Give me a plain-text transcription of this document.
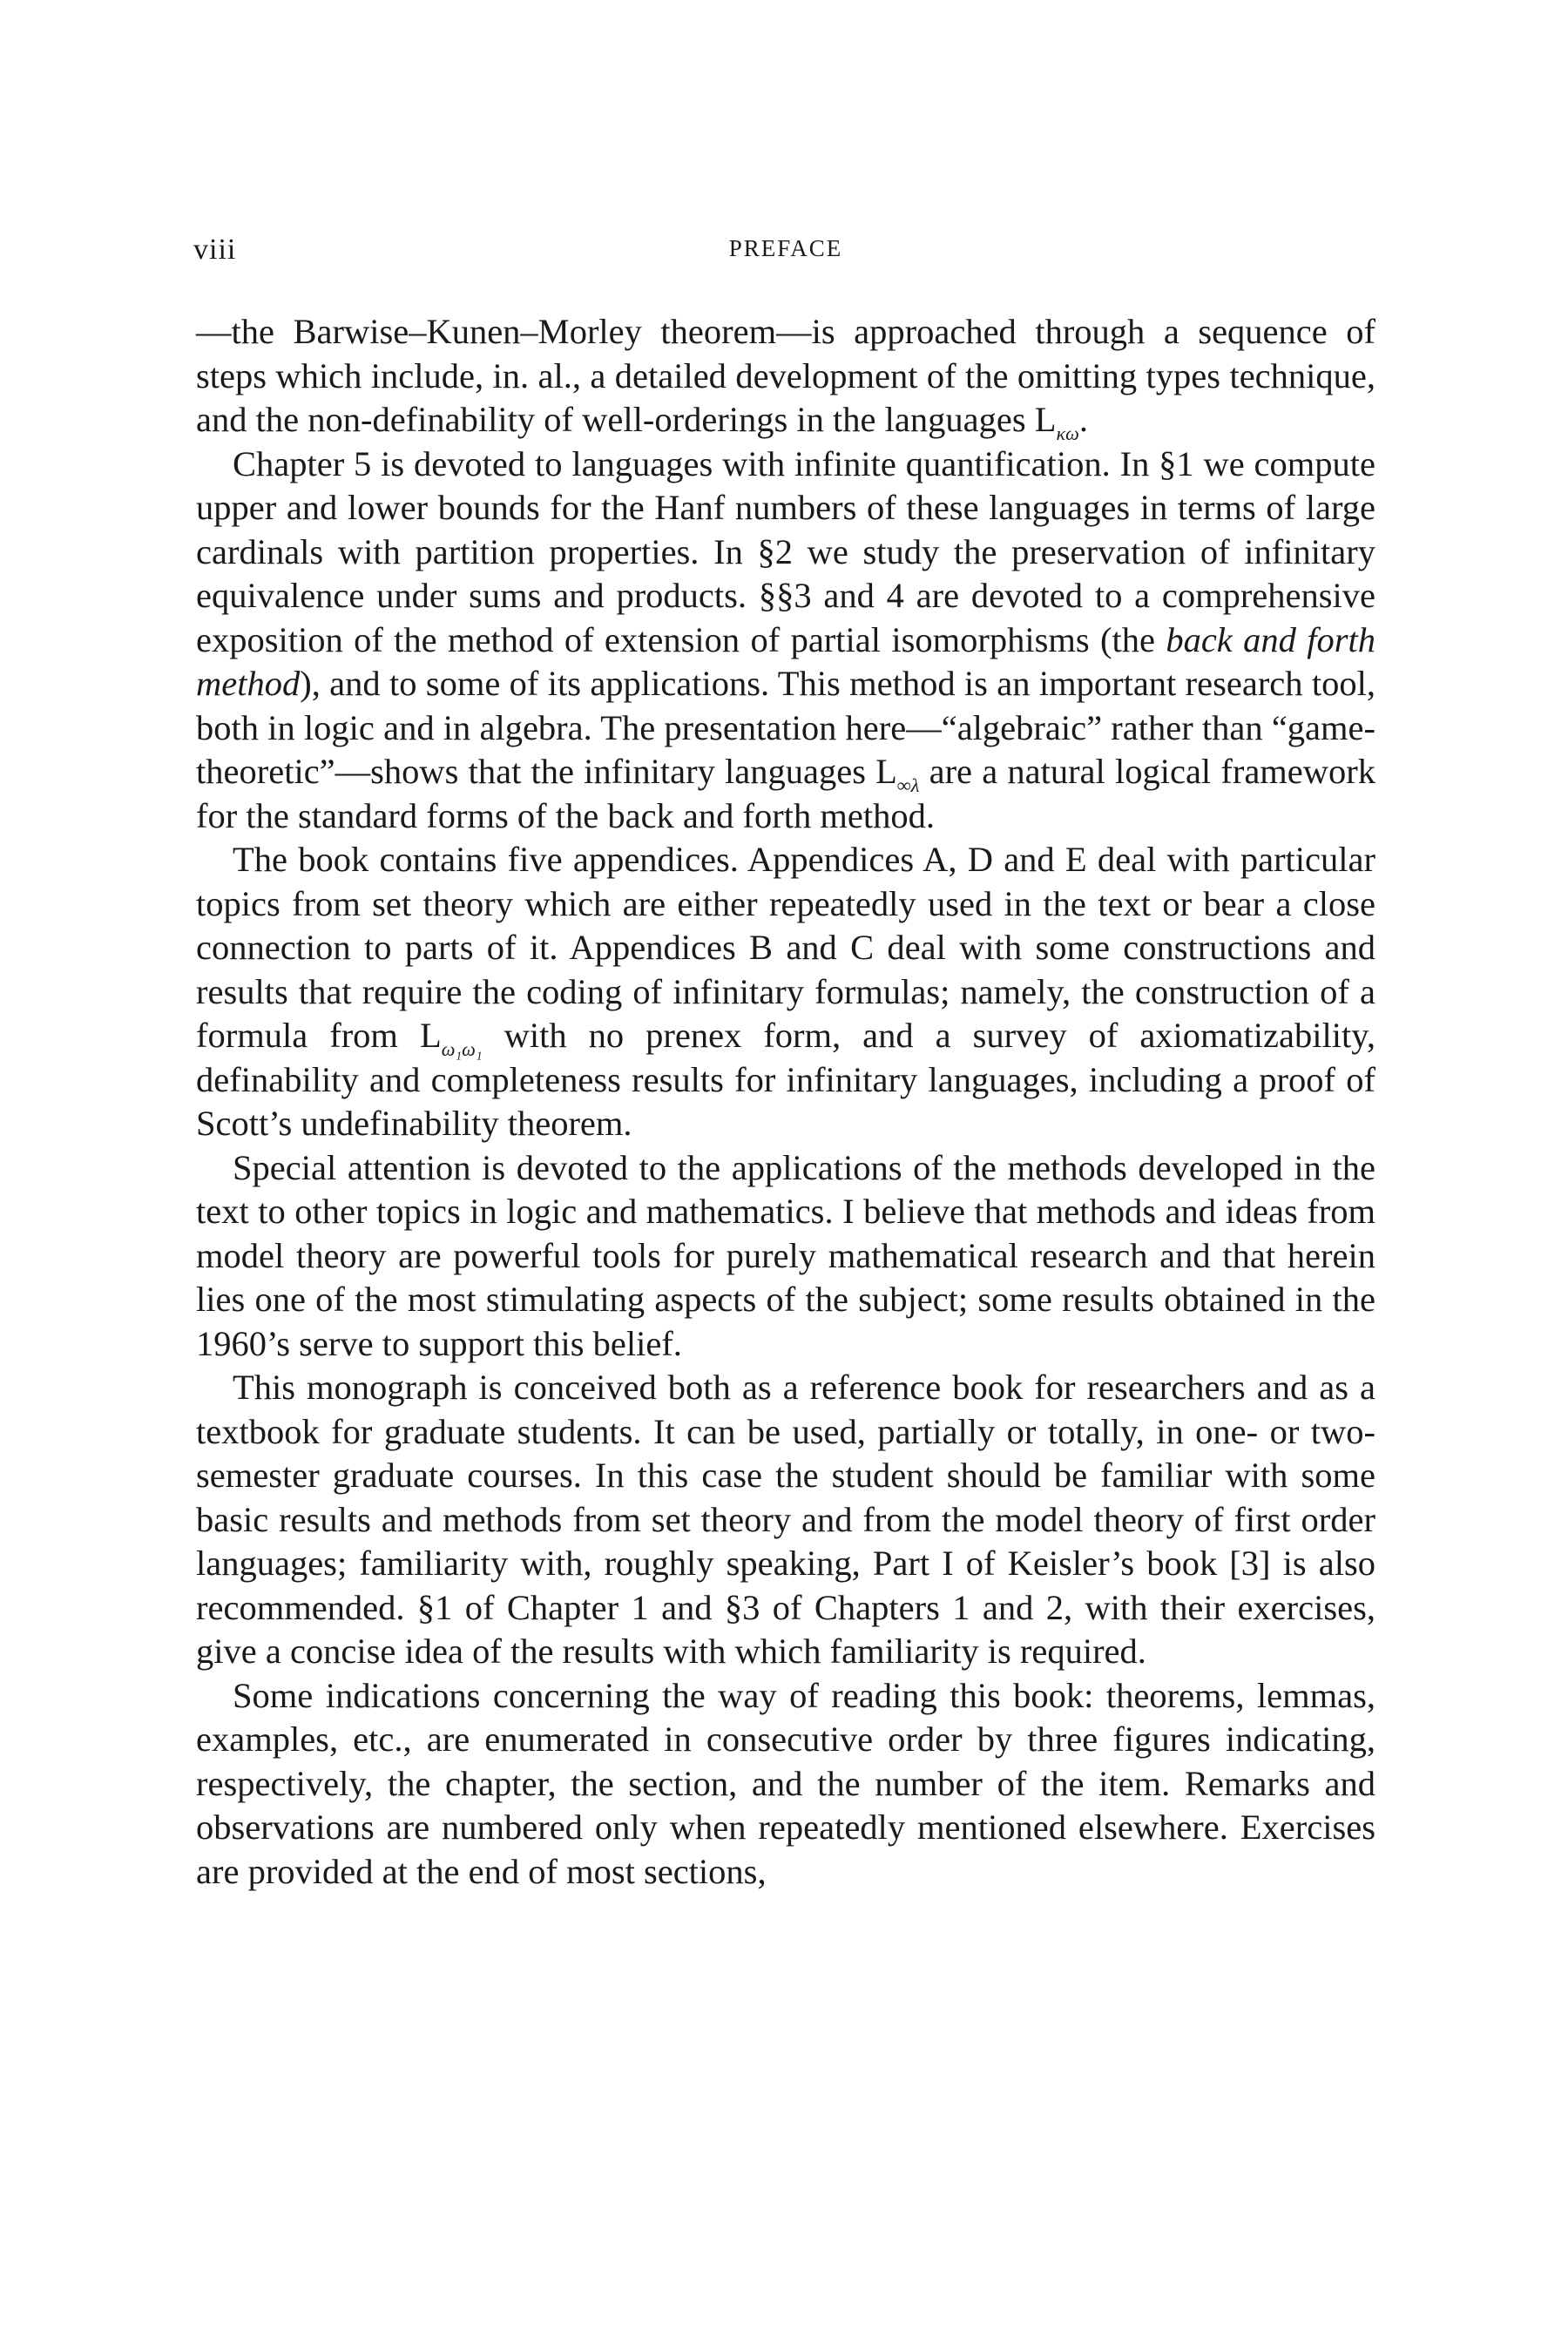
viii	PREFACE

—the Barwise–Kunen–Morley theorem—is approached through a sequence of steps which include, in. al., a detailed development of the omitting types technique, and the non-definability of well-orderings in the languages $L_{\kappa\omega}$.

Chapter 5 is devoted to languages with infinite quantification. In §1 we compute upper and lower bounds for the Hanf numbers of these languages in terms of large cardinals with partition properties. In §2 we study the preservation of infinitary equivalence under sums and products. §§3 and 4 are devoted to a comprehensive exposition of the method of extension of partial isomorphisms (the back and forth method), and to some of its applications. This method is an important research tool, both in logic and in algebra. The presentation here—“algebraic” rather than “game-theoretic”—shows that the infinitary languages $L_{\infty\lambda}$ are a natural logical framework for the standard forms of the back and forth method.

The book contains five appendices. Appendices A, D and E deal with particular topics from set theory which are either repeatedly used in the text or bear a close connection to parts of it. Appendices B and C deal with some constructions and results that require the coding of infinitary formulas; namely, the construction of a formula from $L_{\omega_1\omega_1}$ with no prenex form, and a survey of axiomatizability, definability and completeness results for infinitary languages, including a proof of Scott’s undefinability theorem.

Special attention is devoted to the applications of the methods developed in the text to other topics in logic and mathematics. I believe that methods and ideas from model theory are powerful tools for purely mathematical research and that herein lies one of the most stimulating aspects of the subject; some results obtained in the 1960’s serve to support this belief.

This monograph is conceived both as a reference book for researchers and as a textbook for graduate students. It can be used, partially or totally, in one- or two-semester graduate courses. In this case the student should be familiar with some basic results and methods from set theory and from the model theory of first order languages; familiarity with, roughly speaking, Part I of Keisler’s book [3] is also recommended. §1 of Chapter 1 and §3 of Chapters 1 and 2, with their exercises, give a concise idea of the results with which familiarity is required.

Some indications concerning the way of reading this book: theorems, lemmas, examples, etc., are enumerated in consecutive order by three figures indicating, respectively, the chapter, the section, and the number of the item. Remarks and observations are numbered only when repeatedly mentioned elsewhere. Exercises are provided at the end of most sections,
